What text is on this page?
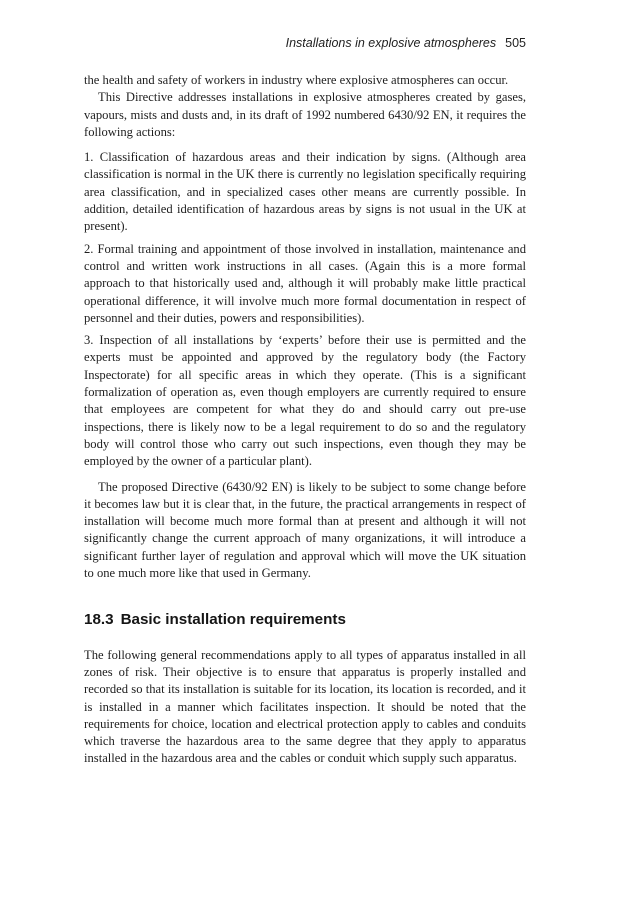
Installations in explosive atmospheres 505

the health and safety of workers in industry where explosive atmospheres can occur.

This Directive addresses installations in explosive atmospheres created by gases, vapours, mists and dusts and, in its draft of 1992 numbered 6430/92 EN, it requires the following actions:

1. Classification of hazardous areas and their indication by signs. (Although area classification is normal in the UK there is currently no legislation specifically requiring area classification, and in specialized cases other means are currently possible. In addition, detailed identification of hazardous areas by signs is not usual in the UK at present).

2. Formal training and appointment of those involved in installation, maintenance and control and written work instructions in all cases. (Again this is a more formal approach to that historically used and, although it will probably make little practical operational difference, it will involve much more formal documentation in respect of personnel and their duties, powers and responsibilities).

3. Inspection of all installations by ‘experts’ before their use is permitted and the experts must be appointed and approved by the regulatory body (the Factory Inspectorate) for all specific areas in which they operate. (This is a significant formalization of operation as, even though employers are currently required to ensure that employees are competent for what they do and should carry out pre-use inspections, there is likely now to be a legal requirement to do so and the regulatory body will control those who carry out such inspections, even though they may be employed by the owner of a particular plant).

The proposed Directive (6430/92 EN) is likely to be subject to some change before it becomes law but it is clear that, in the future, the practical arrangements in respect of installation will become much more formal than at present and although it will not significantly change the current approach of many organizations, it will introduce a significant further layer of regulation and approval which will move the UK situation to one much more like that used in Germany.

18.3 Basic installation requirements

The following general recommendations apply to all types of apparatus installed in all zones of risk. Their objective is to ensure that apparatus is properly installed and recorded so that its installation is suitable for its location, its location is recorded, and it is installed in a manner which facilitates inspection. It should be noted that the requirements for choice, location and electrical protection apply to cables and conduits which traverse the hazardous area to the same degree that they apply to apparatus installed in the hazardous area and the cables or conduit which supply such apparatus.
